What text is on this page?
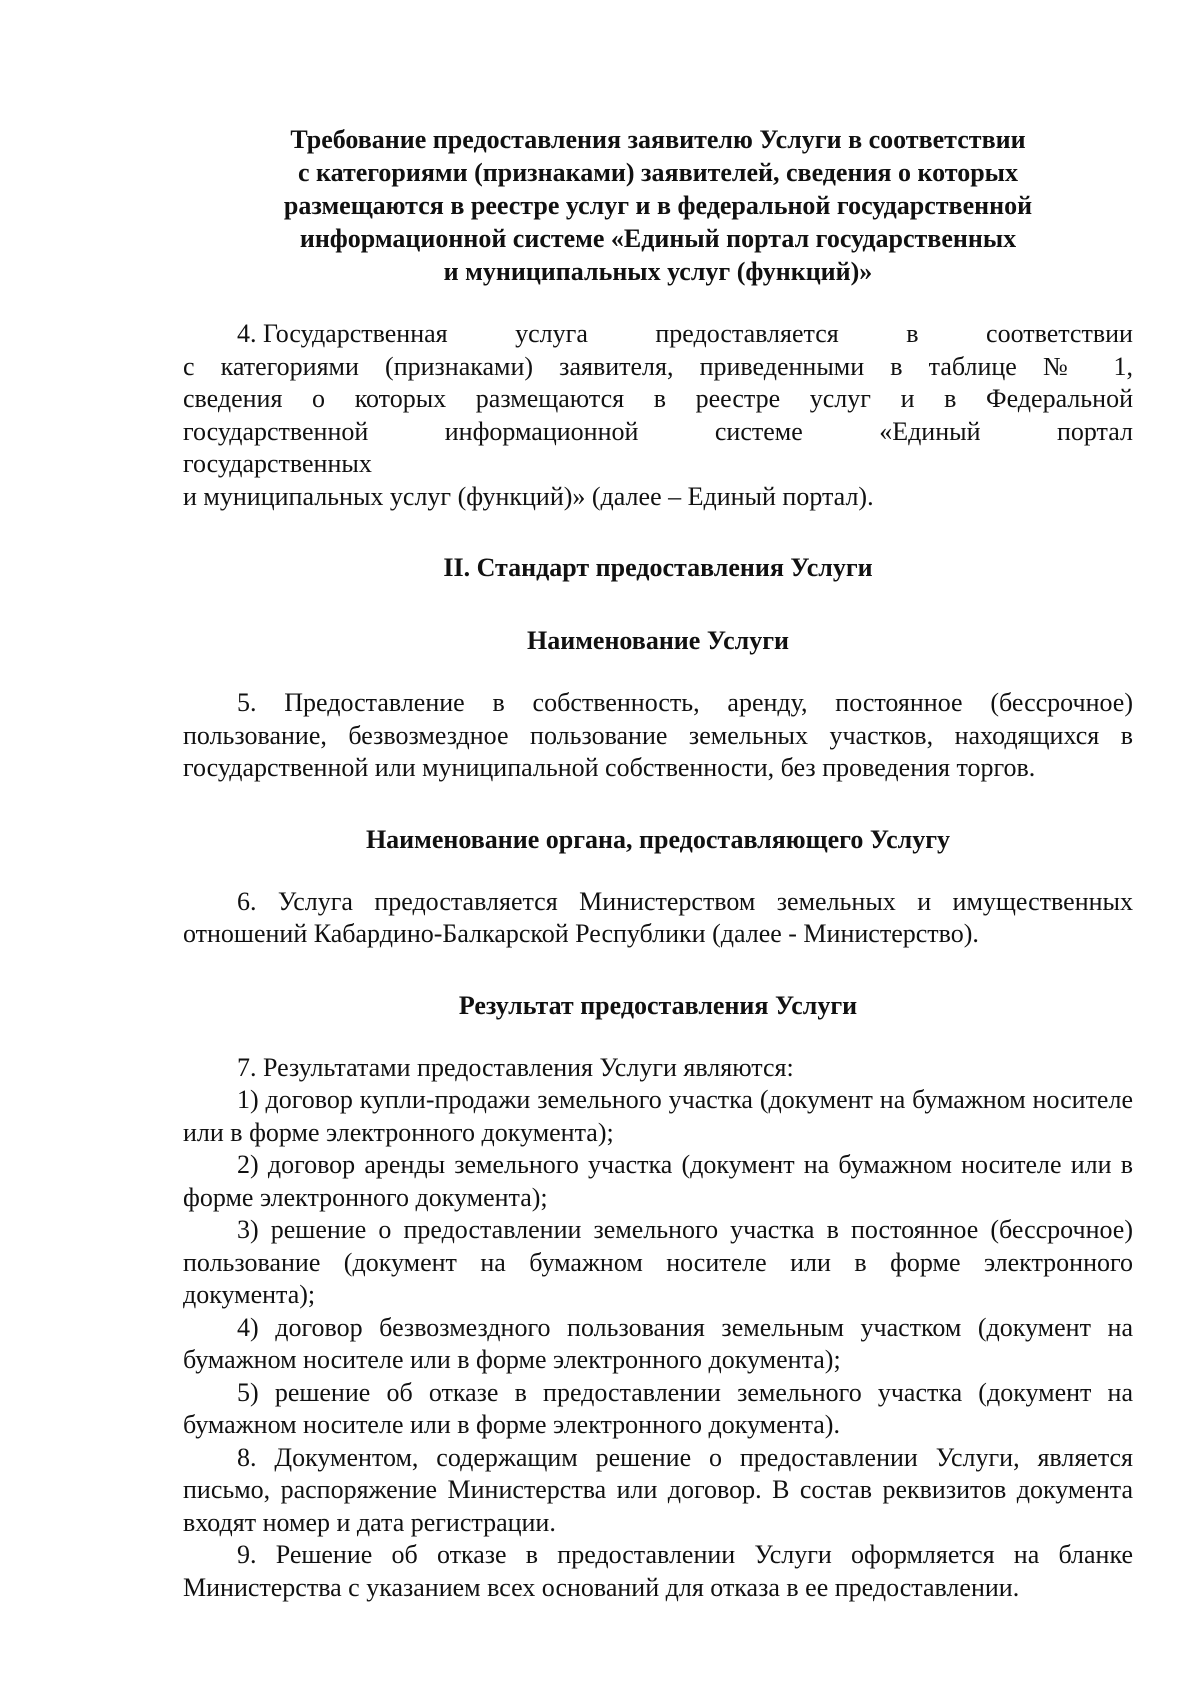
Требование предоставления заявителю Услуги в соответствии
с категориями (признаками) заявителей, сведения о которых
размещаются в реестре услуг и в федеральной государственной
информационной системе «Единый портал государственных
и муниципальных услуг (функций)»
4. Государственная	услуга	предоставляется	в	соответствии
с категориями (признаками) заявителя, приведенными в таблице № 1,
сведения о которых размещаются в реестре услуг и в Федеральной
государственной	информационной	системе	«Единый	портал
государственных
и муниципальных услуг (функций)» (далее – Единый портал).
II. Стандарт предоставления Услуги
Наименование Услуги

5. Предоставление в собственность, аренду, постоянное (бессрочное) пользование, безвозмездное пользование земельных участков, находящихся в государственной или муниципальной собственности, без проведения торгов.

Наименование органа, предоставляющего Услугу

6. Услуга предоставляется Министерством земельных и имущественных отношений Кабардино-Балкарской Республики (далее - Министерство).

Результат предоставления Услуги

7. Результатами предоставления Услуги являются:

1) договор купли-продажи земельного участка (документ на бумажном носителе или в форме электронного документа);

2) договор аренды земельного участка (документ на бумажном носителе или в форме электронного документа);

3) решение о предоставлении земельного участка в постоянное (бессрочное) пользование (документ на бумажном носителе или в форме электронного документа);

4) договор безвозмездного пользования земельным участком (документ на бумажном носителе или в форме электронного документа);

5) решение об отказе в предоставлении земельного участка (документ на бумажном носителе или в форме электронного документа).

8. Документом, содержащим решение о предоставлении Услуги, является письмо, распоряжение Министерства или договор. В состав реквизитов документа входят номер и дата регистрации.

9. Решение об отказе в предоставлении Услуги оформляется на бланке Министерства с указанием всех оснований для отказа в ее предоставлении.
